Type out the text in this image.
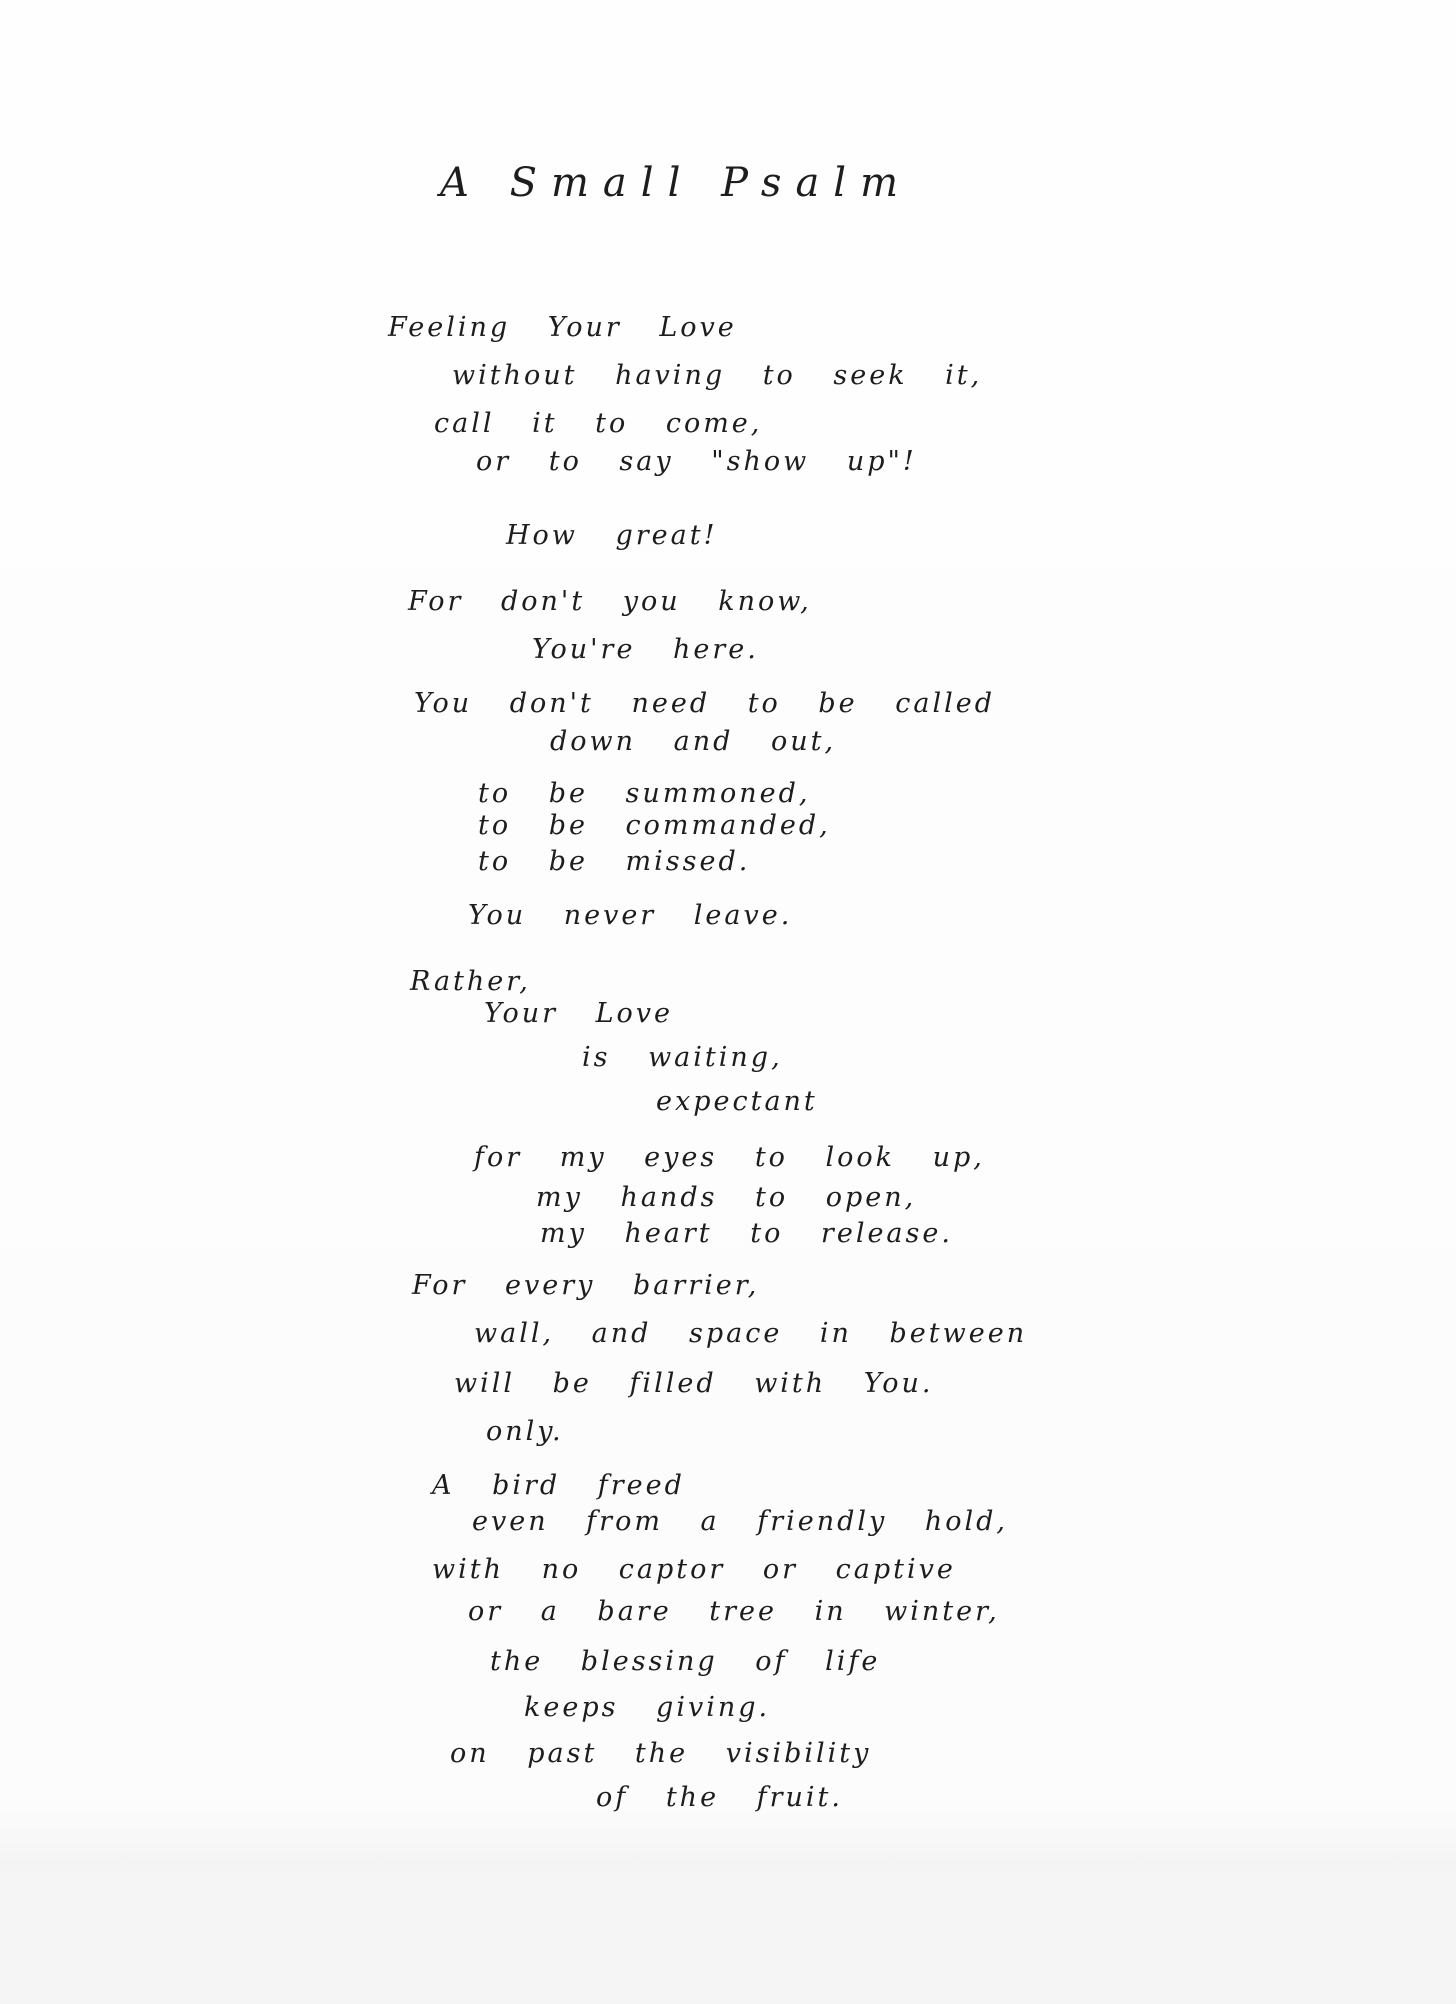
A Small Psalm
Feeling Your Love
without having to seek it,
call it to come,
or to say "show up"!
How great!
For don't you know,
You're here.
You don't need to be called
down and out,
to be summoned,
to be commanded,
to be missed.
You never leave.
Rather,
Your Love
is waiting,
expectant
for my eyes to look up,
my hands to open,
my heart to release.
For every barrier,
wall, and space in between
will be filled with You.
only.
A bird freed
even from a friendly hold,
with no captor or captive
or a bare tree in winter,
the blessing of life
keeps giving.
on past the visibility
of the fruit.
